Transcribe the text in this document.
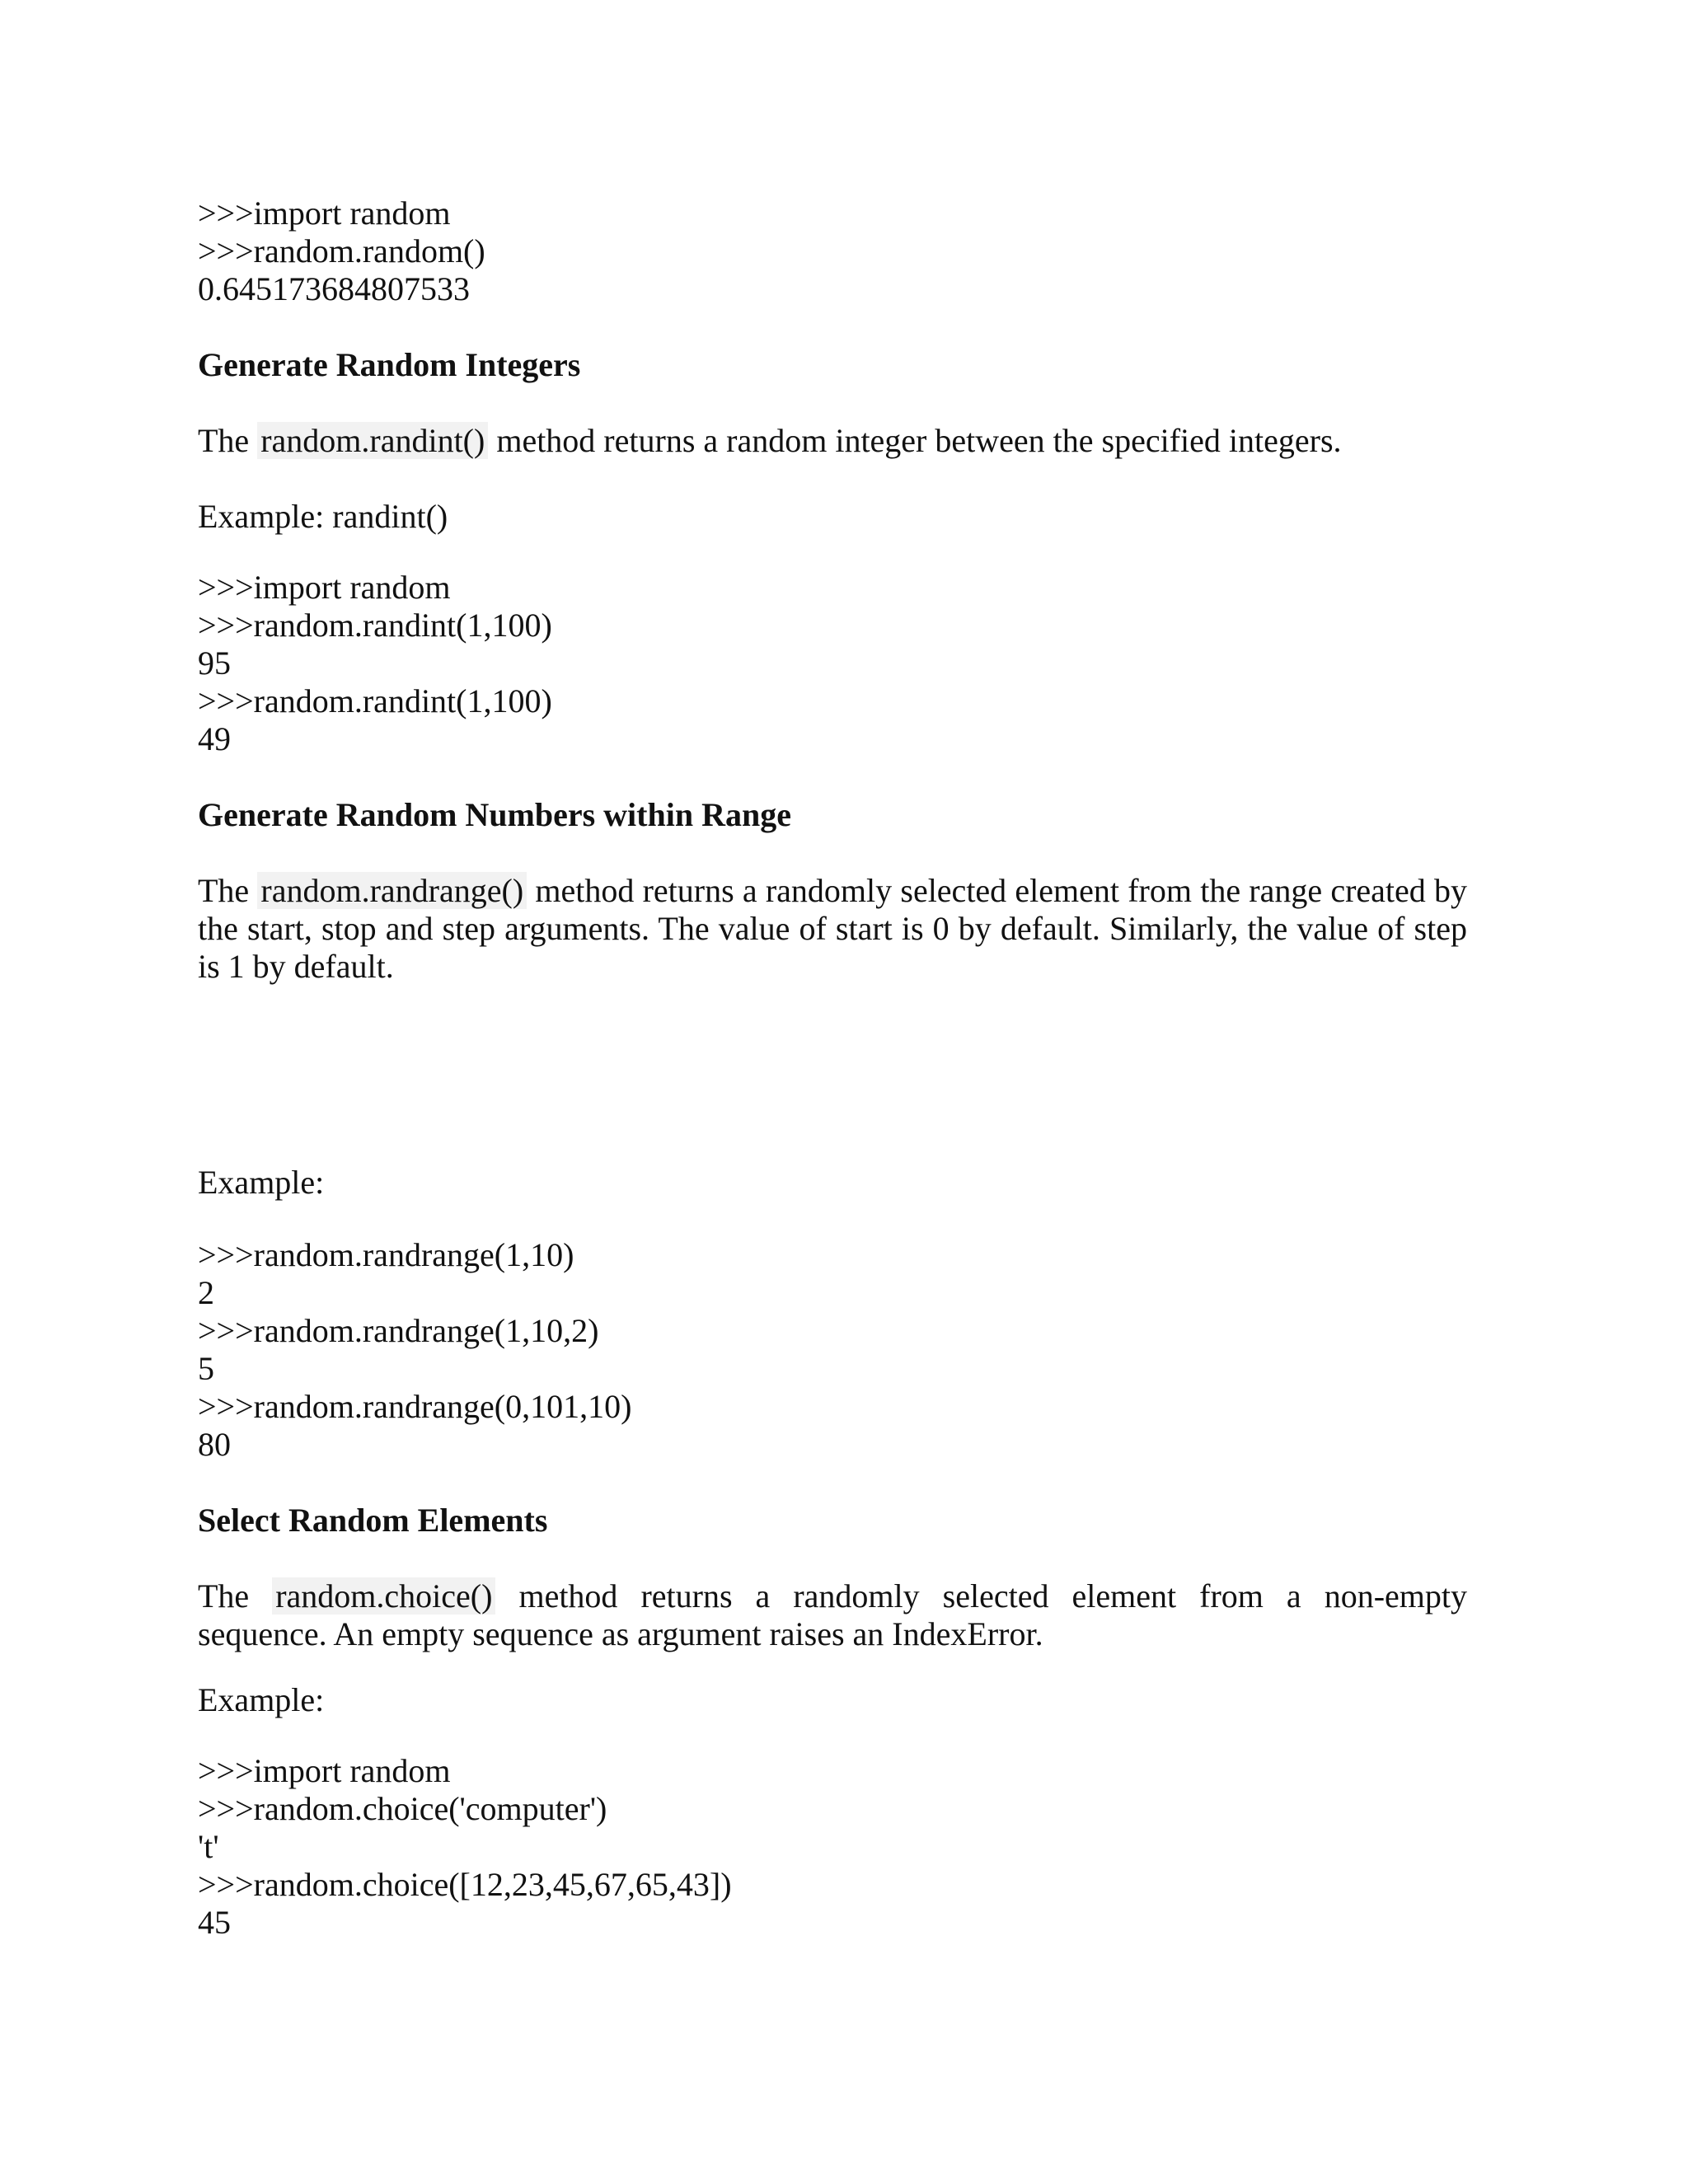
>>>import random
>>>random.random()
0.645173684807533
Generate Random Integers
The random.randint() method returns a random integer between the specified integers.
Example: randint()
>>>import random
>>>random.randint(1,100)
95
>>>random.randint(1,100)
49
Generate Random Numbers within Range
The random.randrange() method returns a randomly selected element from the range created by the start, stop and step arguments. The value of start is 0 by default. Similarly, the value of step is 1 by default.
Example:
>>>random.randrange(1,10)
2
>>>random.randrange(1,10,2)
5
>>>random.randrange(0,101,10)
80
Select Random Elements
The random.choice() method returns a randomly selected element from a non-empty
sequence. An empty sequence as argument raises an IndexError.
Example:
>>>import random
>>>random.choice('computer')
't'
>>>random.choice([12,23,45,67,65,43])
45
